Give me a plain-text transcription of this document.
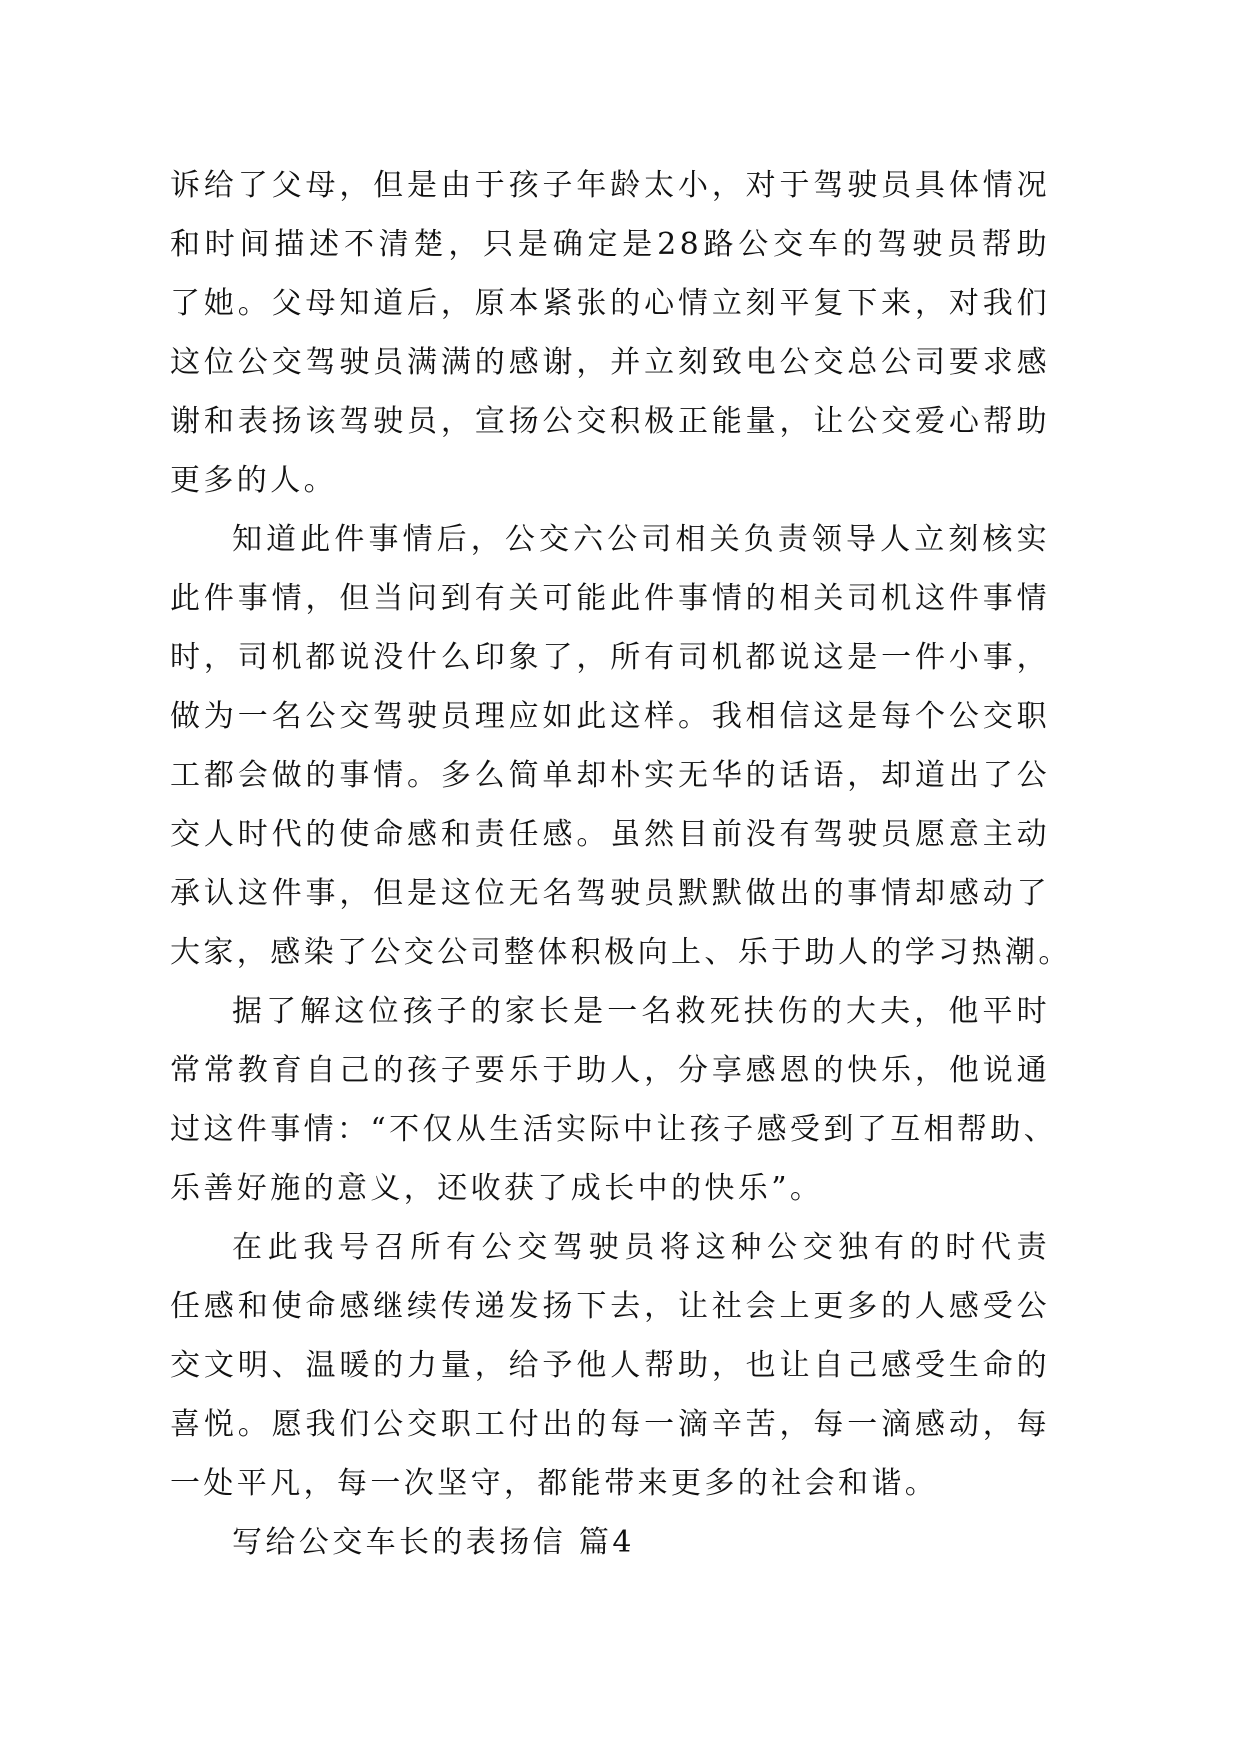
诉给了父母，但是由于孩子年龄太小，对于驾驶员具体情况
和时间描述不清楚，只是确定是28路公交车的驾驶员帮助
了她。父母知道后，原本紧张的心情立刻平复下来，对我们
这位公交驾驶员满满的感谢，并立刻致电公交总公司要求感
谢和表扬该驾驶员，宣扬公交积极正能量，让公交爱心帮助
更多的人。
知道此件事情后，公交六公司相关负责领导人立刻核实
此件事情，但当问到有关可能此件事情的相关司机这件事情
时，司机都说没什么印象了，所有司机都说这是一件小事，
做为一名公交驾驶员理应如此这样。我相信这是每个公交职
工都会做的事情。多么简单却朴实无华的话语，却道出了公
交人时代的使命感和责任感。虽然目前没有驾驶员愿意主动
承认这件事，但是这位无名驾驶员默默做出的事情却感动了
大家，感染了公交公司整体积极向上、乐于助人的学习热潮。
据了解这位孩子的家长是一名救死扶伤的大夫，他平时
常常教育自己的孩子要乐于助人，分享感恩的快乐，他说通
过这件事情：“不仅从生活实际中让孩子感受到了互相帮助、
乐善好施的意义，还收获了成长中的快乐”。
在此我号召所有公交驾驶员将这种公交独有的时代责
任感和使命感继续传递发扬下去，让社会上更多的人感受公
交文明、温暖的力量，给予他人帮助，也让自己感受生命的
喜悦。愿我们公交职工付出的每一滴辛苦，每一滴感动，每
一处平凡，每一次坚守，都能带来更多的社会和谐。
写给公交车长的表扬信 篇4
